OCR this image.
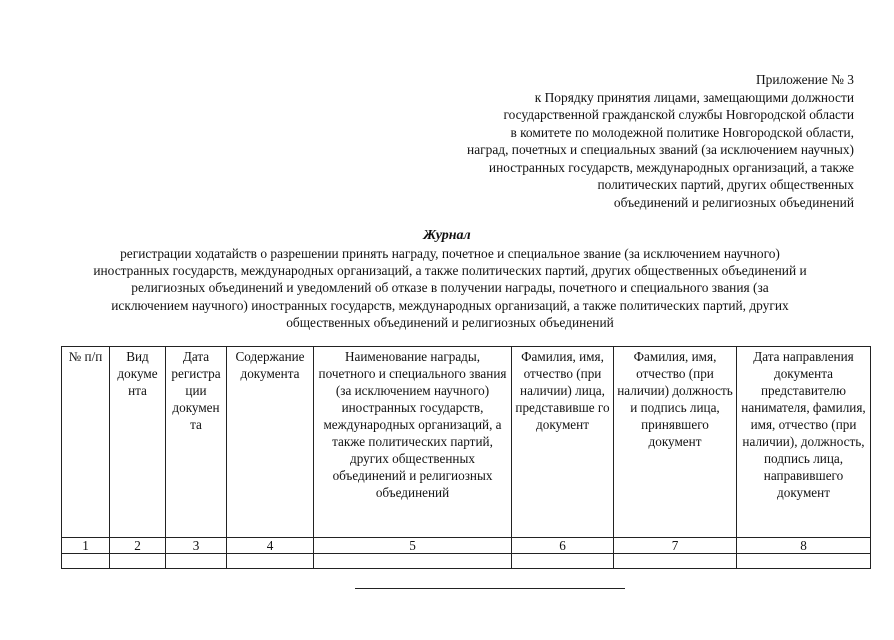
Приложение № 3
к Порядку принятия лицами, замещающими должности
государственной гражданской службы Новгородской области
в комитете по молодежной политике Новгородской области,
наград, почетных и специальных званий (за исключением научных)
иностранных государств, международных организаций, а также
политических партий, других общественных
объединений и религиозных объединений
Журнал
регистрации ходатайств о разрешении принять награду, почетное и специальное звание (за исключением научного)
иностранных государств, международных организаций, а также политических партий, других общественных объединений и
религиозных объединений и уведомлений об отказе в получении награды, почетного и специального звания (за
исключением научного) иностранных государств, международных организаций, а также политических партий, других
общественных объединений и религиозных объединений
№ п/п	Вид докуме нта	Дата регистра ции докумен та	Содержание документа	Наименование награды, почетного и специального звания (за исключением научного) иностранных государств, международных организаций, а также политических партий, других общественных объединений и религиозных объединений	Фамилия, имя, отчество (при наличии) лица, представивше го документ	Фамилия, имя, отчество (при наличии) должность и подпись лица, принявшего документ	Дата направления документа представителю нанимателя, фамилия, имя, отчество (при наличии), должность, подпись лица, направившего документ
1	2	3	4	5	6	7	8
